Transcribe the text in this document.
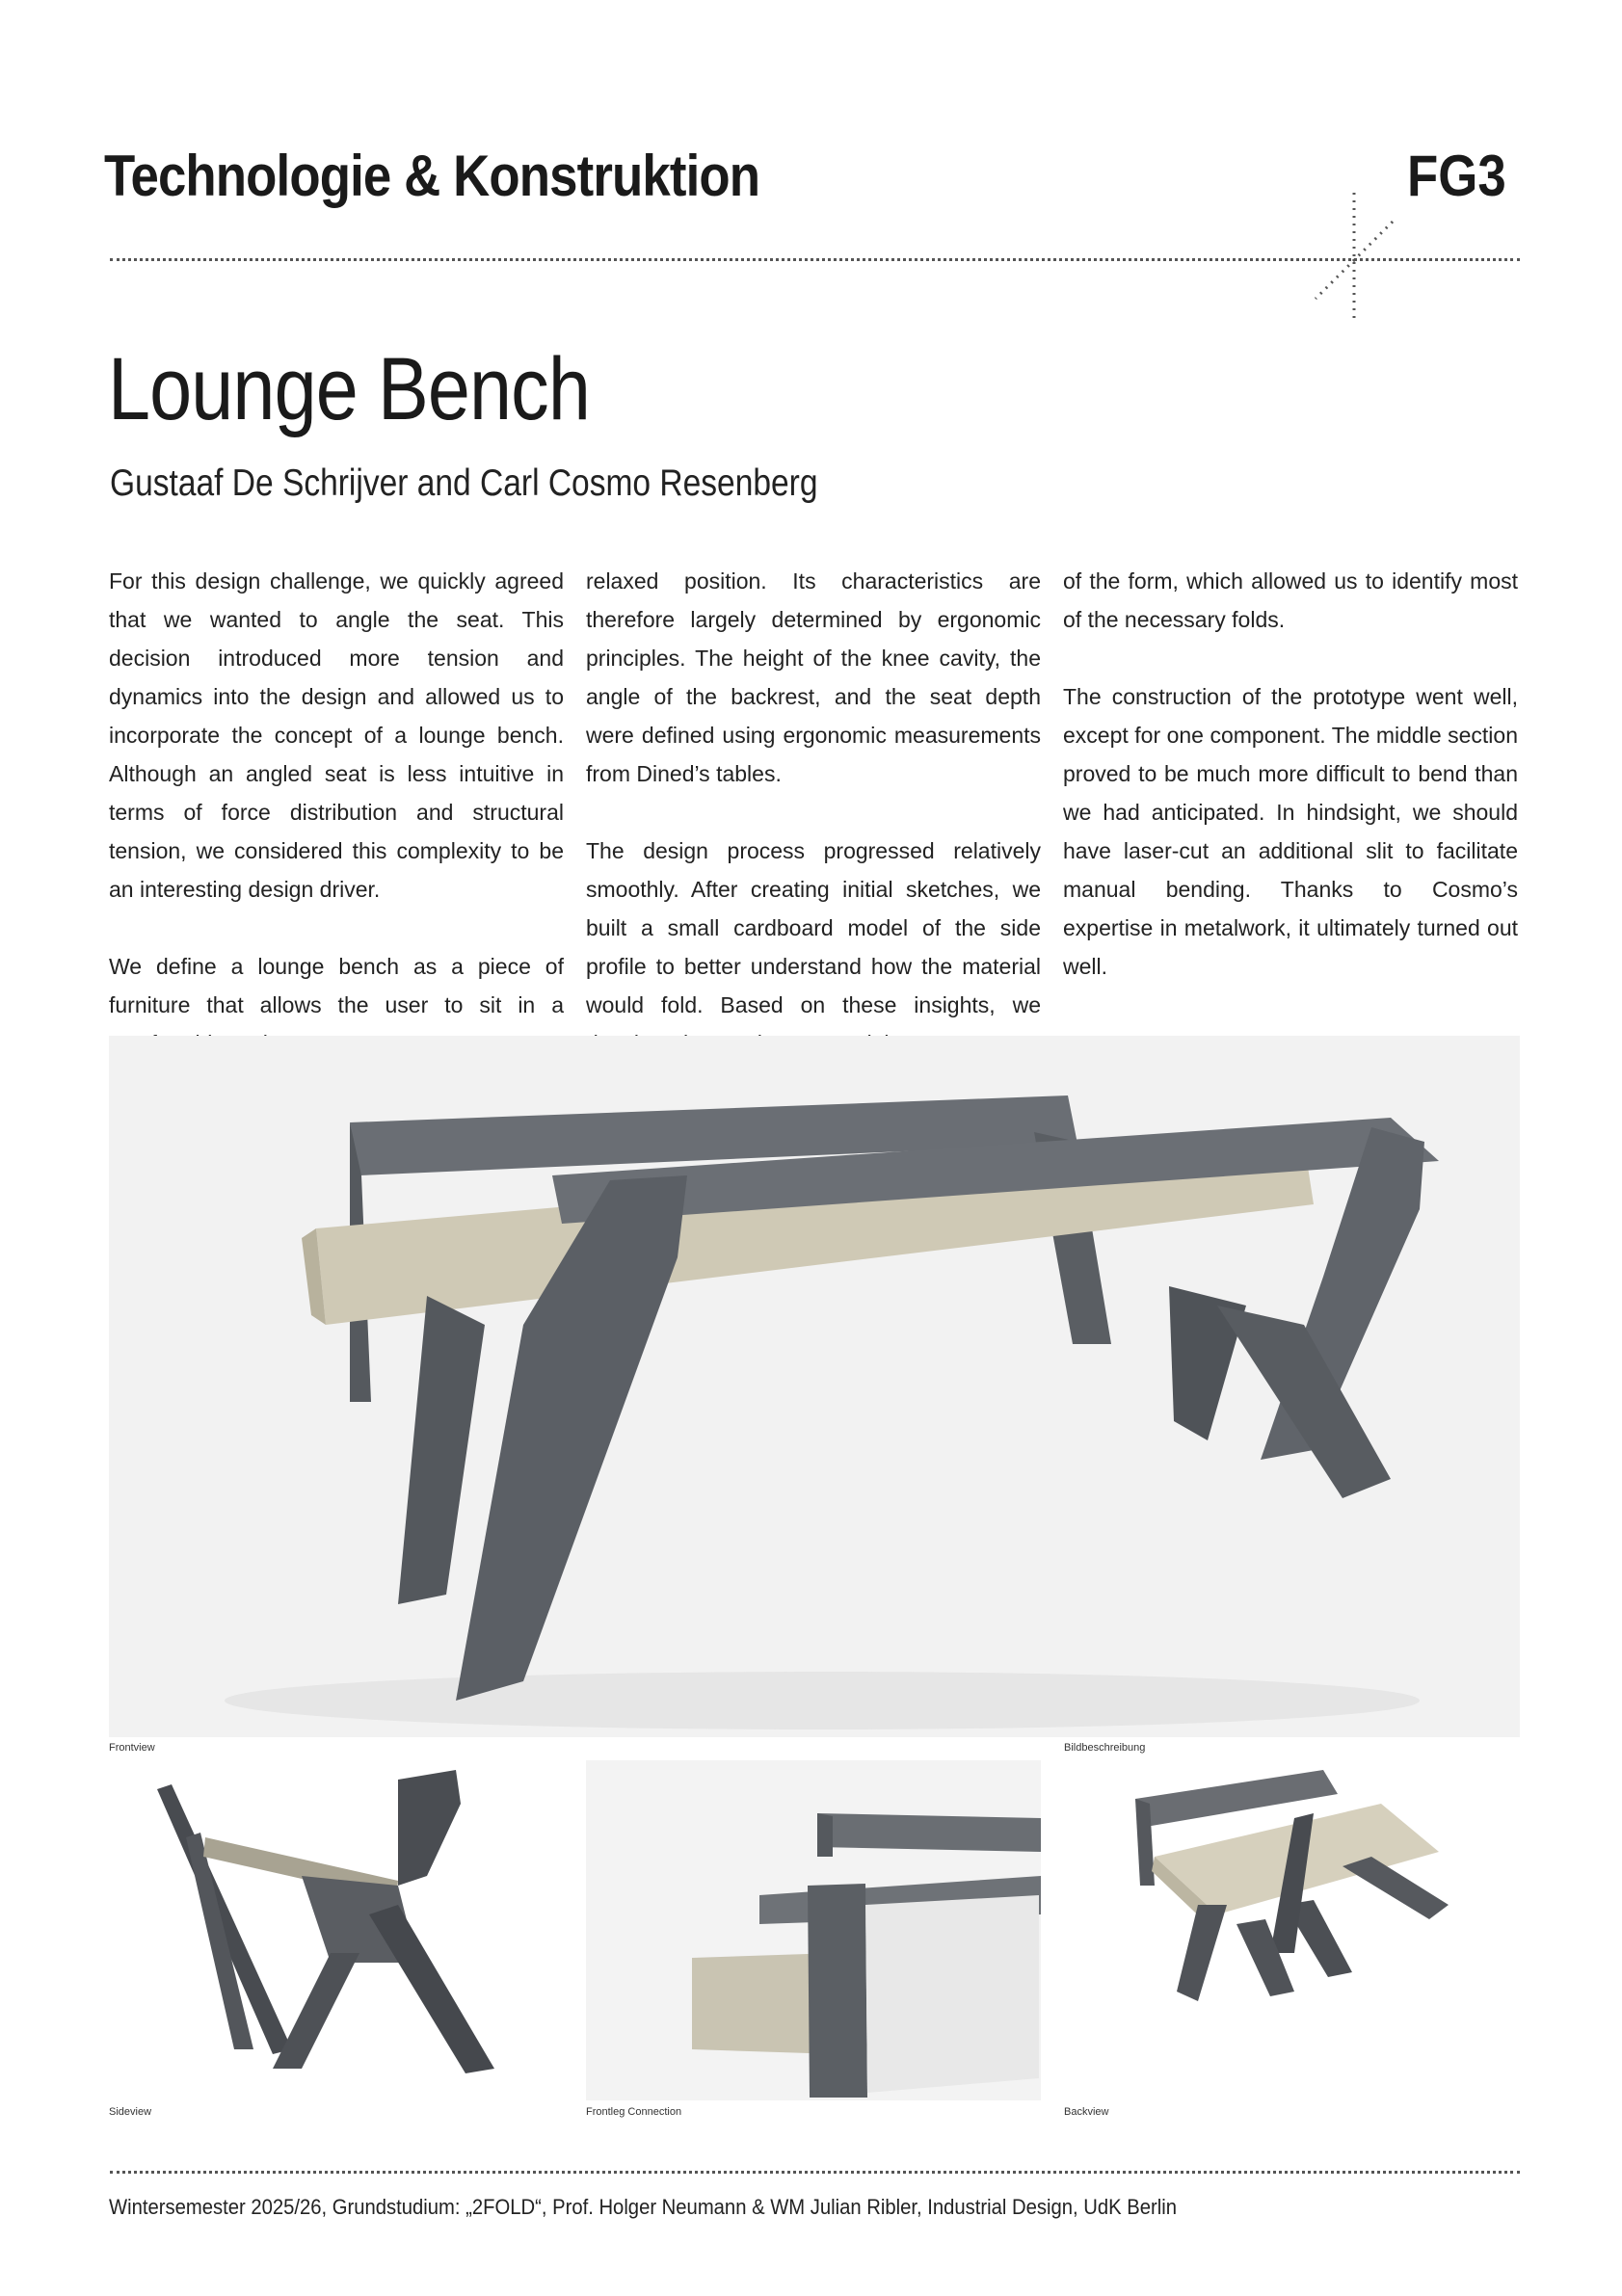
Technologie & Konstruktion	FG3
Lounge Bench
Gustaaf De Schrijver and Carl Cosmo Resenberg

For this design challenge, we quickly agreed that we wanted to angle the seat. This decision introduced more tension and dynamics into the design and allowed us to incorporate the concept of a lounge bench. Although an angled seat is less intuitive in terms of force distribution and structural tension, we considered this complexity to be an interesting design driver.

We define a lounge bench as a piece of furniture that allows the user to sit in a

relaxed position. Its characteristics are therefore largely determined by ergonomic principles. The height of the knee cavity, the angle of the backrest, and the seat depth were defined using ergonomic measurements from Dined’s tables.

The design process progressed relatively smoothly. After creating initial sketches, we built a small cardboard model of the side profile to better understand how the material would fold. Based on these insights, we

of the form, which allowed us to identify most of the necessary folds.

The construction of the prototype went well, except for one component. The middle section proved to be much more difficult to bend than we had anticipated. In hindsight, we should have laser-cut an additional slit to facilitate manual bending. Thanks to Cosmo’s expertise in metalwork, it ultimately turned out well.

Frontview	Bildbeschreibung
Sideview	Frontleg Connection	Backview
Wintersemester 2025/26, Grundstudium: „2FOLD“, Prof. Holger Neumann & WM Julian Ribler, Industrial Design, UdK Berlin
